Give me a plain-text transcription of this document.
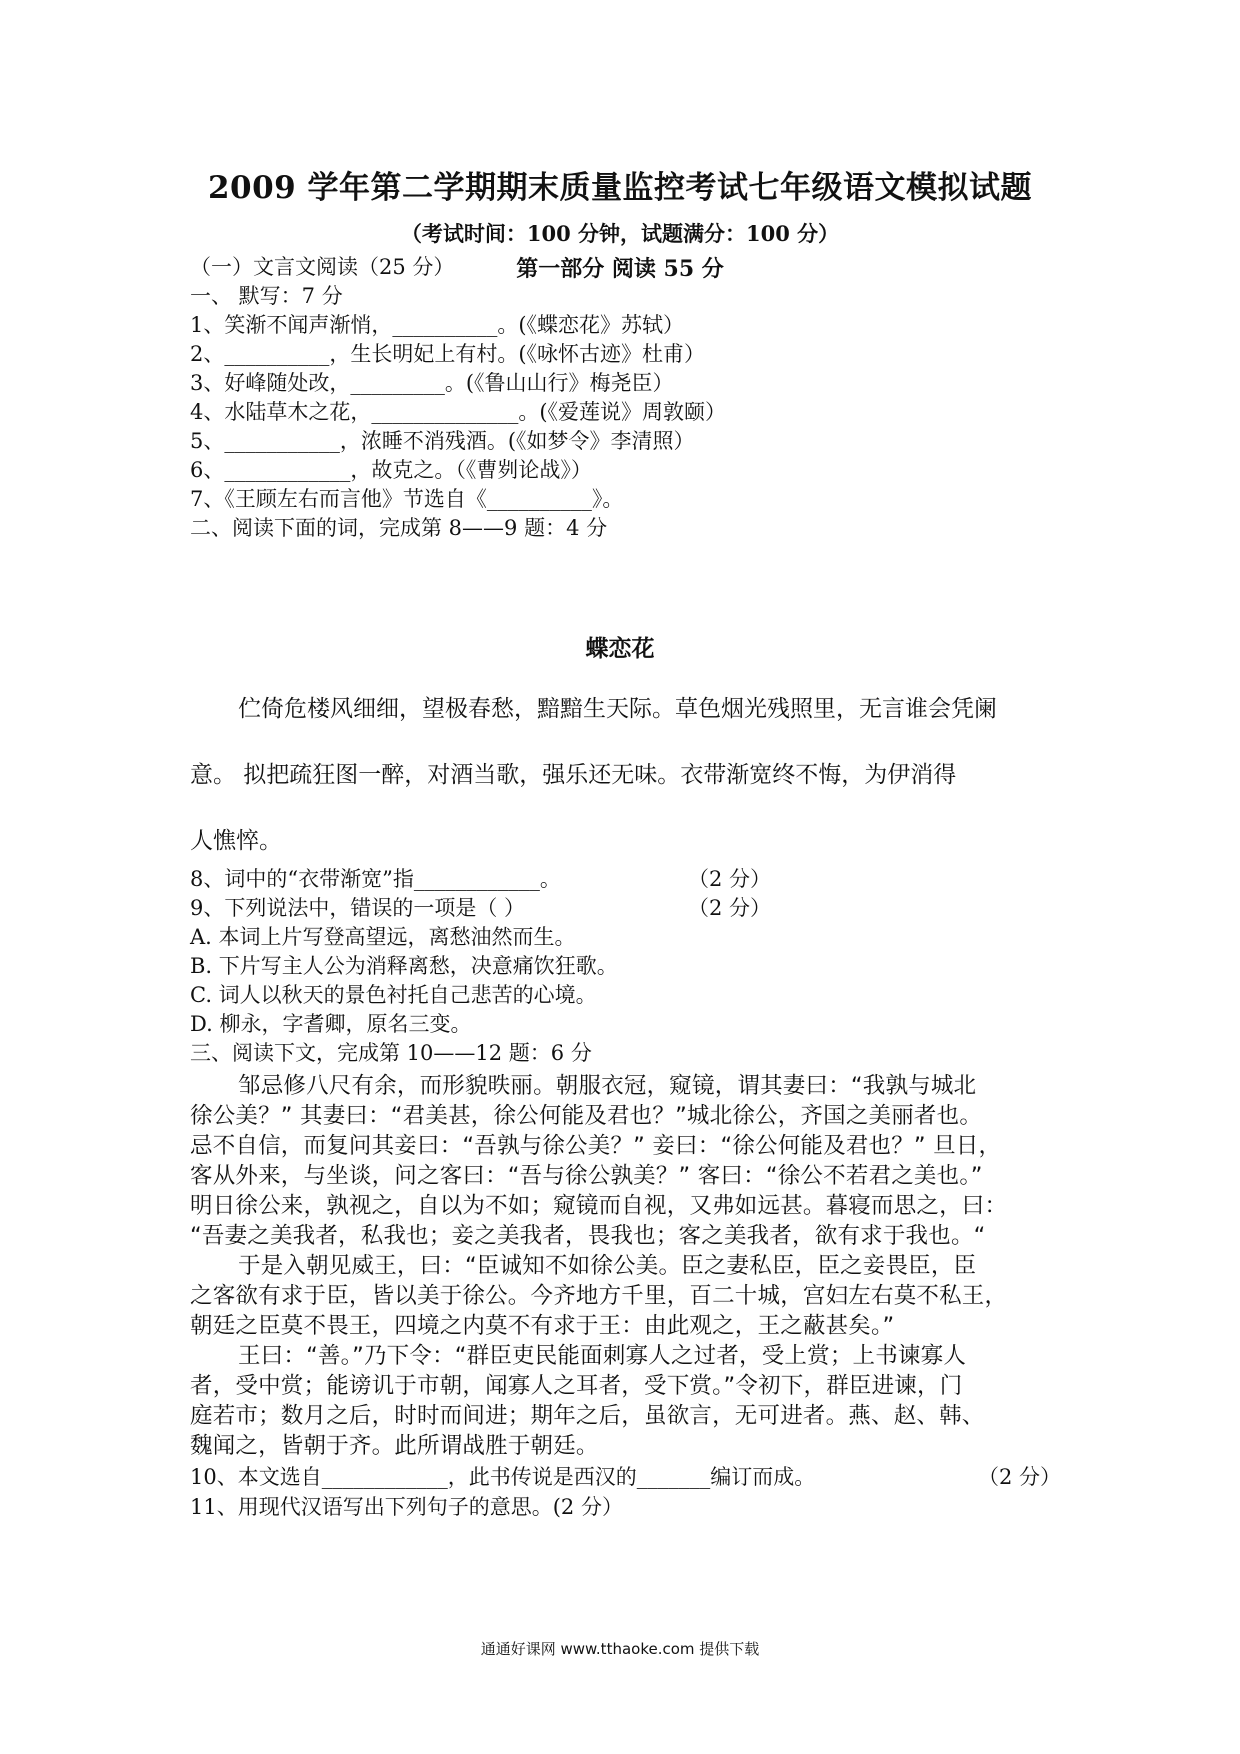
2009 学年第二学期期末质量监控考试七年级语文模拟试题
（考试时间：100 分钟，试题满分：100 分）
第一部分 阅读 55 分
（一）文言文阅读（25 分）
一、 默写：7 分
1、笑渐不闻声渐悄，__________。(《蝶恋花》苏轼）
2、__________，生长明妃上有村。(《咏怀古迹》杜甫）
3、好峰随处改，_________。(《鲁山山行》梅尧臣）
4、水陆草木之花，______________。(《爱莲说》周敦颐）
5、___________，浓睡不消残酒。(《如梦令》李清照）
6、____________，故克之。（《曹刿论战》）
7、《王顾左右而言他》节选自《__________》。
二、阅读下面的词，完成第 8——9 题：4 分
蝶恋花
伫倚危楼风细细，望极春愁，黯黯生天际。草色烟光残照里，无言谁会凭阑
意。 拟把疏狂图一醉，对酒当歌，强乐还无味。衣带渐宽终不悔，为伊消得
人憔悴。
8、词中的“衣带渐宽”指____________。	（2 分）
9、下列说法中，错误的一项是（ ）	（2 分）
A. 本词上片写登高望远，离愁油然而生。
B. 下片写主人公为消释离愁，决意痛饮狂歌。
C. 词人以秋天的景色衬托自己悲苦的心境。
D. 柳永，字耆卿，原名三变。
三、阅读下文，完成第 10——12 题：6 分
邹忌修八尺有余，而形貌昳丽。朝服衣冠，窥镜，谓其妻曰：“我孰与城北
徐公美？” 其妻曰：“君美甚，徐公何能及君也？”城北徐公，齐国之美丽者也。
忌不自信，而复问其妾曰：“吾孰与徐公美？” 妾曰：“徐公何能及君也？” 旦日，
客从外来，与坐谈，问之客曰：“吾与徐公孰美？” 客曰：“徐公不若君之美也。”
明日徐公来，孰视之，自以为不如；窥镜而自视，又弗如远甚。暮寝而思之，曰：
“吾妻之美我者，私我也；妾之美我者，畏我也；客之美我者，欲有求于我也。“
于是入朝见威王，曰：“臣诚知不如徐公美。臣之妻私臣，臣之妾畏臣，臣
之客欲有求于臣，皆以美于徐公。今齐地方千里，百二十城，宫妇左右莫不私王，
朝廷之臣莫不畏王，四境之内莫不有求于王：由此观之，王之蔽甚矣。”
王曰：“善。”乃下令：“群臣吏民能面刺寡人之过者，受上赏；上书谏寡人
者，受中赏；能谤讥于市朝，闻寡人之耳者，受下赏。”令初下，群臣进谏，门
庭若市；数月之后，时时而间进；期年之后，虽欲言，无可进者。燕、赵、韩、
魏闻之，皆朝于齐。此所谓战胜于朝廷。
10、本文选自____________，此书传说是西汉的_______编订而成。	（2 分）
11、用现代汉语写出下列句子的意思。(2 分）
通通好课网 www.tthaoke.com 提供下载
